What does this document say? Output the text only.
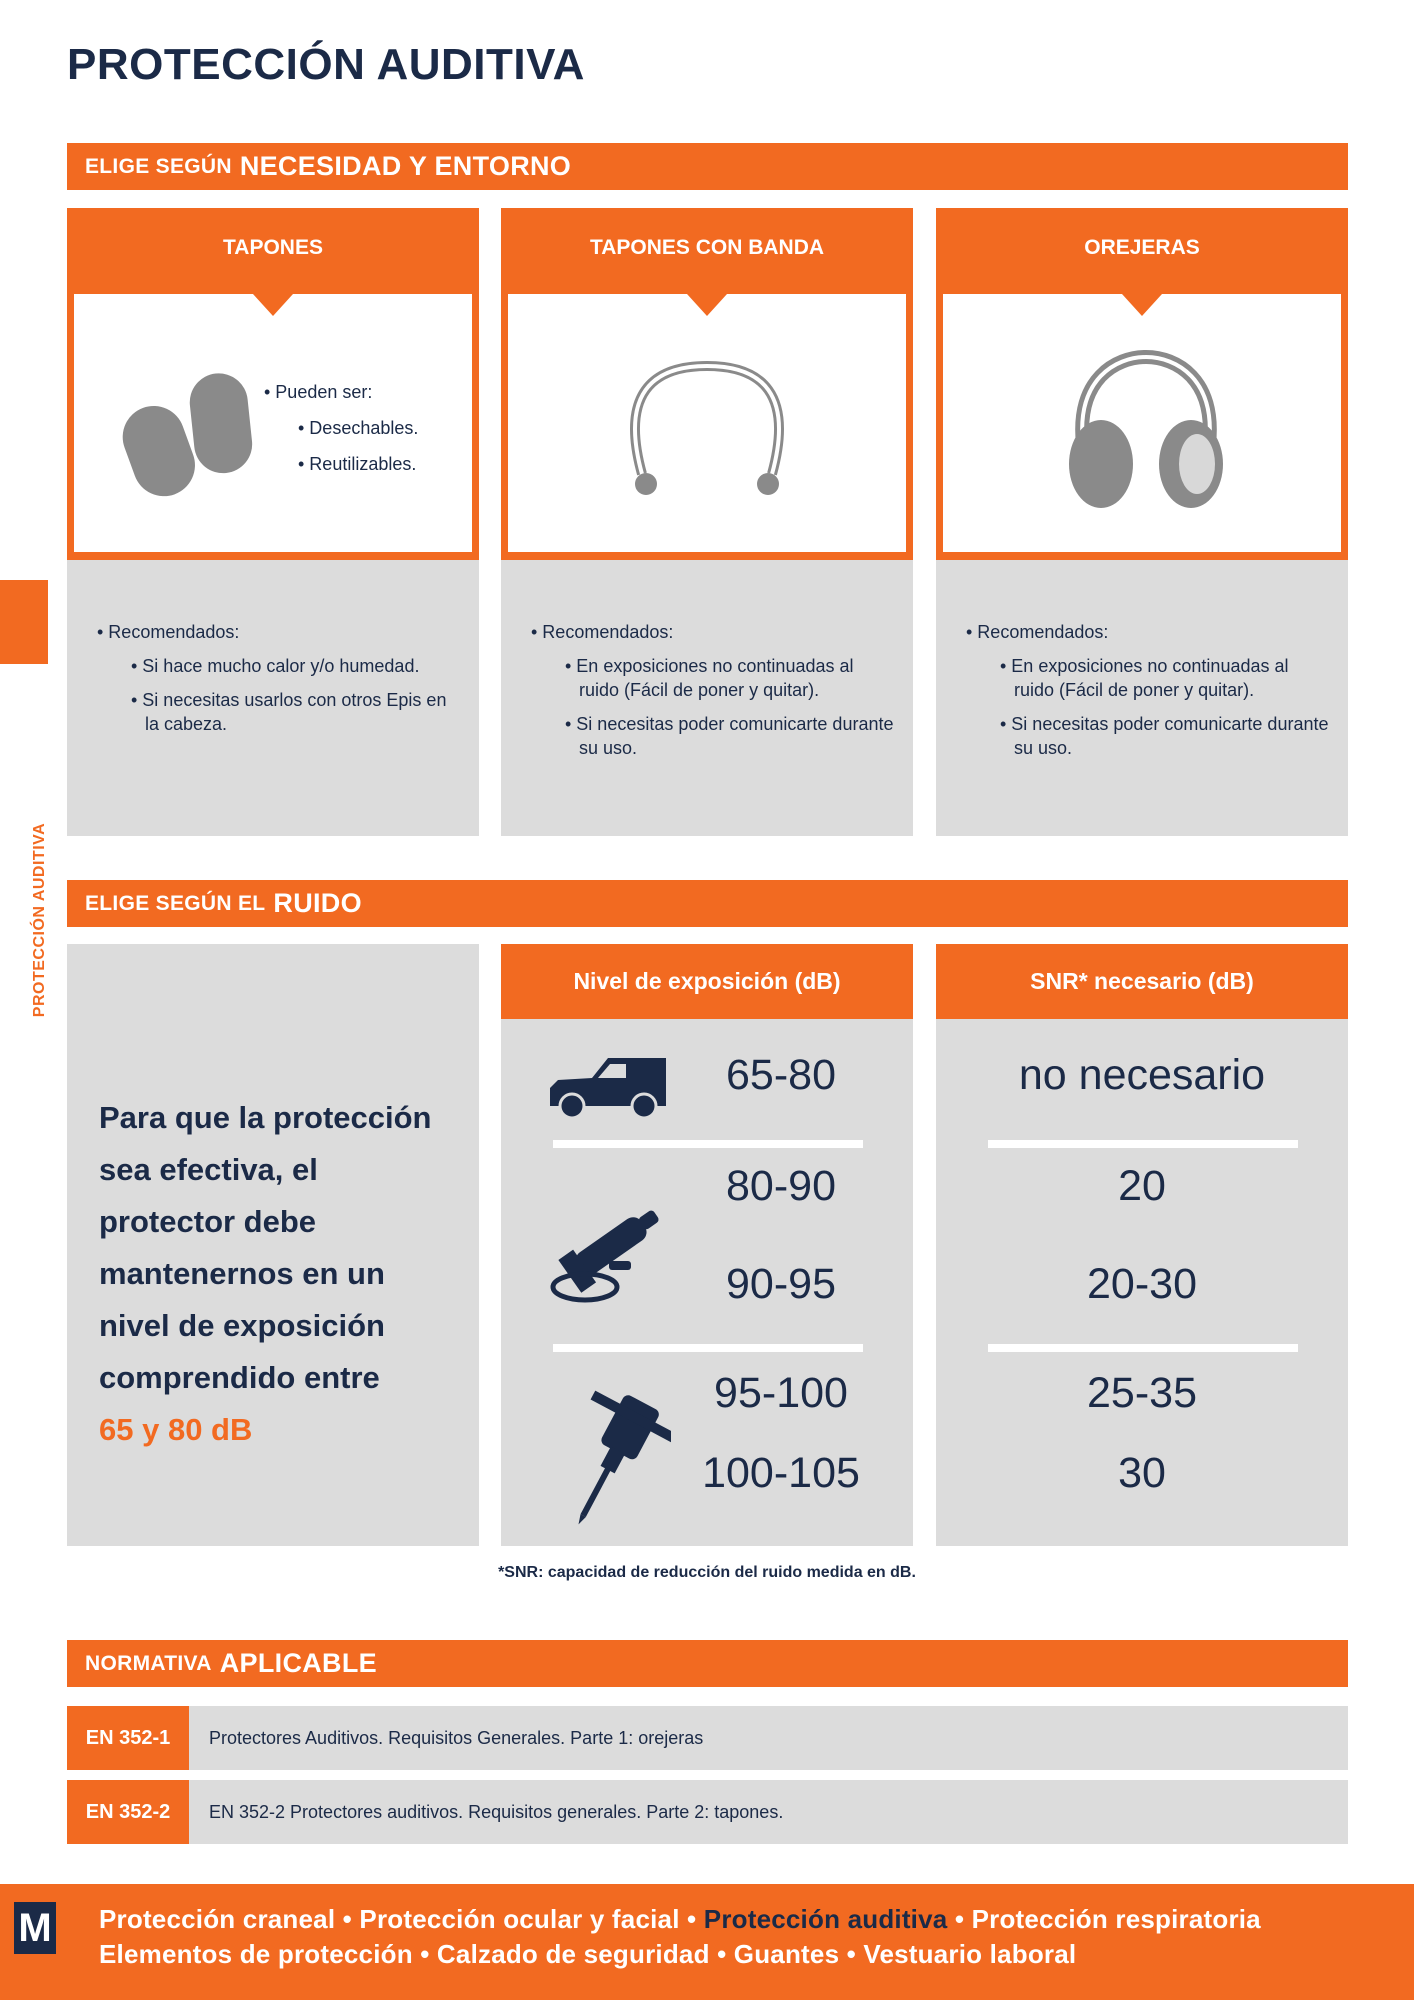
PROTECCIÓN AUDITIVA
PROTECCIÓN AUDITIVA
ELIGE SEGÚN NECESIDAD Y ENTORNO
TAPONES
• Pueden ser:
• Desechables.
• Reutilizables.
• Recomendados:
• Si hace mucho calor y/o humedad.
• Si necesitas usarlos con otros Epis en la cabeza.
TAPONES CON BANDA
• Recomendados:
• En exposiciones no continuadas al ruido (Fácil de poner y quitar).
• Si necesitas poder comunicarte durante su uso.
OREJERAS
• Recomendados:
• En exposiciones no continuadas al ruido (Fácil de poner y quitar).
• Si necesitas poder comunicarte durante su uso.
ELIGE SEGÚN EL RUIDO
Para que la protección sea efectiva, el protector debe mantenernos en un nivel de exposición comprendido entre
65 y 80 dB
Nivel de exposición (dB)
65-80
80-90
90-95
95-100
100-105
SNR* necesario (dB)
no necesario
20
20-30
25-35
30
*SNR: capacidad de reducción del ruido medida en dB.
NORMATIVA APLICABLE
EN 352-1	Protectores Auditivos. Requisitos Generales. Parte 1: orejeras
EN 352-2	EN 352-2 Protectores auditivos. Requisitos generales. Parte 2: tapones.
M Protección craneal • Protección ocular y facial • Protección auditiva • Protección respiratoria
Elementos de protección • Calzado de seguridad • Guantes • Vestuario laboral
